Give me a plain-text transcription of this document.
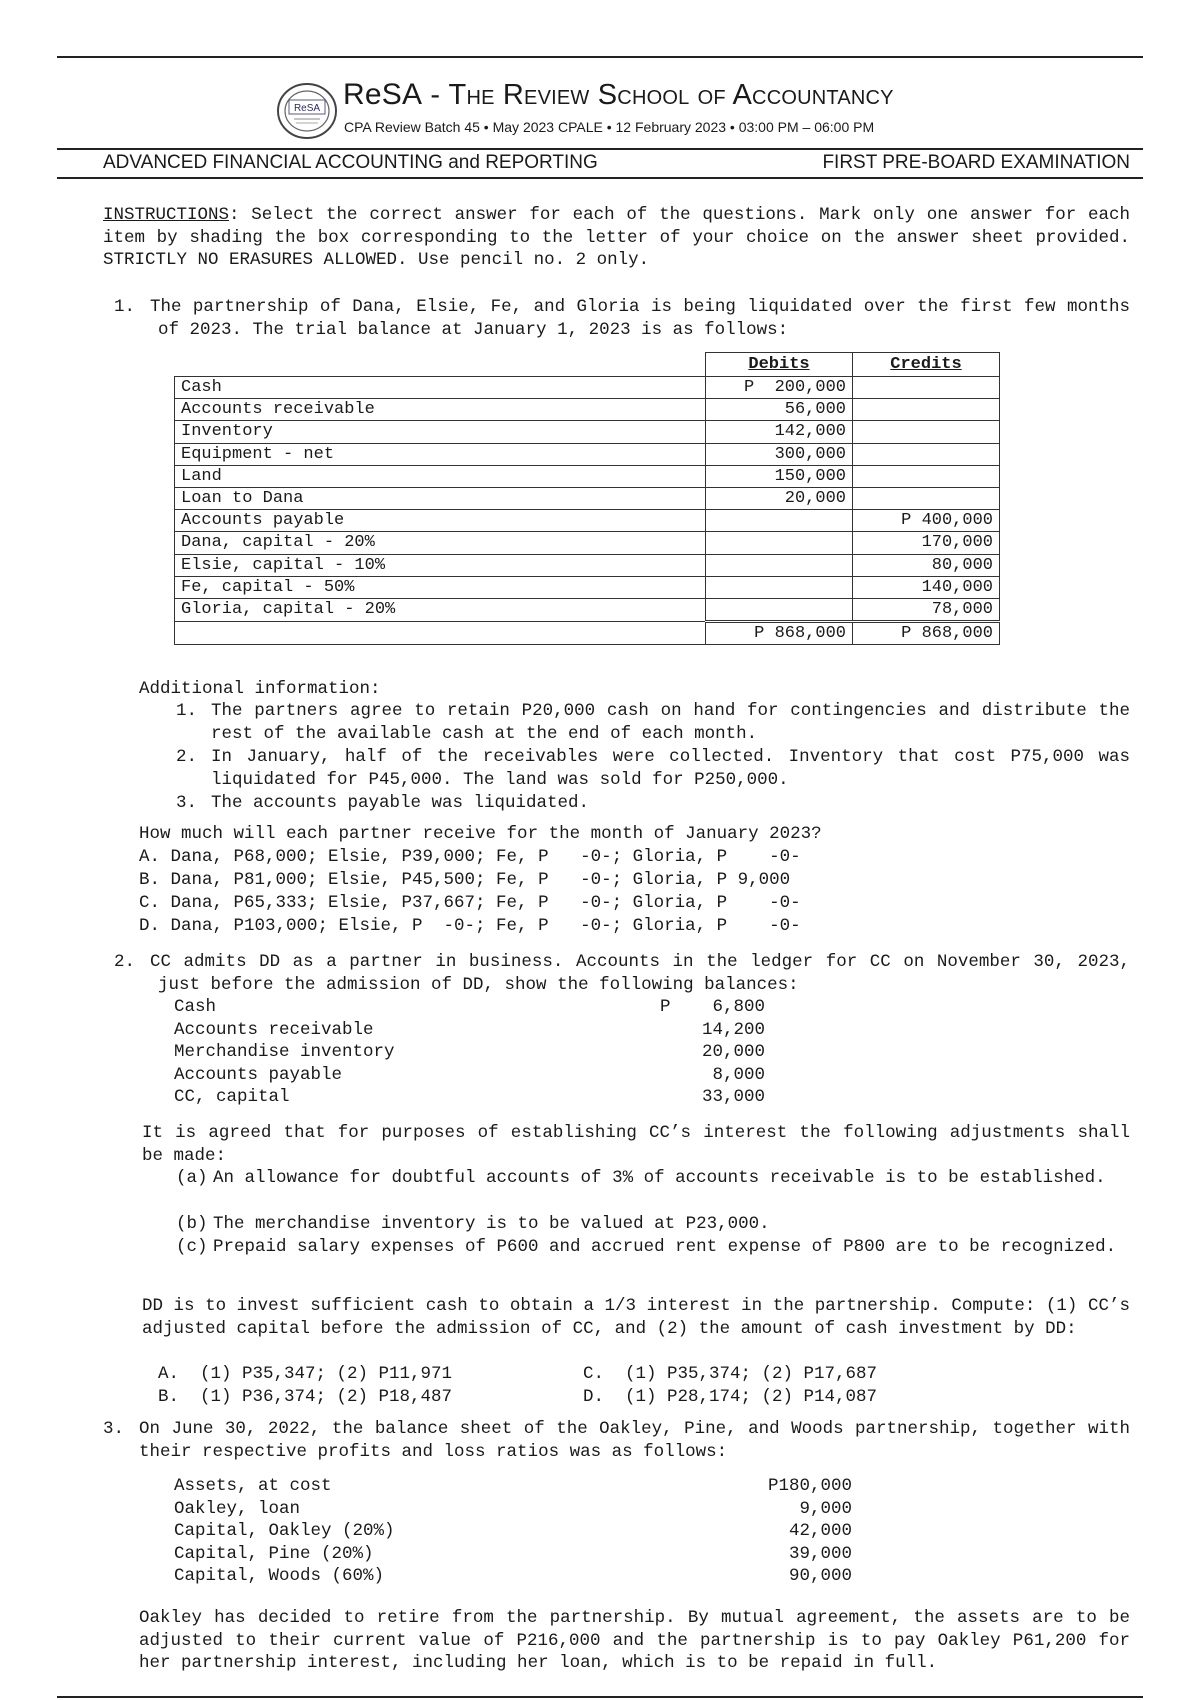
ReSA ReSA - The Review School of Accountancy
CPA Review Batch 45 • May 2023 CPALE • 12 February 2023 • 03:00 PM – 06:00 PM
ADVANCED FINANCIAL ACCOUNTING and REPORTING	FIRST PRE-BOARD EXAMINATION
INSTRUCTIONS: Select the correct answer for each of the questions. Mark only one answer for each item by shading the box corresponding to the letter of your choice on the answer sheet provided. STRICTLY NO ERASURES ALLOWED. Use pencil no. 2 only.
1. The partnership of Dana, Elsie, Fe, and Gloria is being liquidated over the first few months of 2023. The trial balance at January 1, 2023 is as follows:
	Debits	Credits
Cash	P  200,000	
Accounts receivable	56,000	
Inventory	142,000	
Equipment - net	300,000	
Land	150,000	
Loan to Dana	20,000	
Accounts payable		P 400,000
Dana, capital - 20%		170,000
Elsie, capital - 10%		80,000
Fe, capital - 50%		140,000
Gloria, capital - 20%		78,000
	P 868,000	P 868,000
Additional information:
1. The partners agree to retain P20,000 cash on hand for contingencies and distribute the rest of the available cash at the end of each month.
2. In January, half of the receivables were collected. Inventory that cost P75,000 was liquidated for P45,000. The land was sold for P250,000.
3. The accounts payable was liquidated.
How much will each partner receive for the month of January 2023?
A. Dana, P68,000; Elsie, P39,000; Fe, P   -0-; Gloria, P    -0-
B. Dana, P81,000; Elsie, P45,500; Fe, P   -0-; Gloria, P 9,000
C. Dana, P65,333; Elsie, P37,667; Fe, P   -0-; Gloria, P    -0-
D. Dana, P103,000; Elsie, P  -0-; Fe, P   -0-; Gloria, P    -0-
2. CC admits DD as a partner in business. Accounts in the ledger for CC on November 30, 2023, just before the admission of DD, show the following balances:
Cash	P    6,800
Accounts receivable	14,200
Merchandise inventory	20,000
Accounts payable	8,000
CC, capital	33,000
It is agreed that for purposes of establishing CC’s interest the following adjustments shall be made:
(a) An allowance for doubtful accounts of 3% of accounts receivable is to be established.
(b) The merchandise inventory is to be valued at P23,000.
(c) Prepaid salary expenses of P600 and accrued rent expense of P800 are to be recognized.
DD is to invest sufficient cash to obtain a 1/3 interest in the partnership. Compute: (1) CC’s adjusted capital before the admission of CC, and (2) the amount of cash investment by DD:
A.  (1) P35,347; (2) P11,971
B.  (1) P36,374; (2) P18,487
C.  (1) P35,374; (2) P17,687
D.  (1) P28,174; (2) P14,087
3. On June 30, 2022, the balance sheet of the Oakley, Pine, and Woods partnership, together with their respective profits and loss ratios was as follows:
Assets, at cost	P180,000
Oakley, loan	9,000
Capital, Oakley (20%)	42,000
Capital, Pine (20%)	39,000
Capital, Woods (60%)	90,000
Oakley has decided to retire from the partnership. By mutual agreement, the assets are to be adjusted to their current value of P216,000 and the partnership is to pay Oakley P61,200 for her partnership interest, including her loan, which is to be repaid in full.
